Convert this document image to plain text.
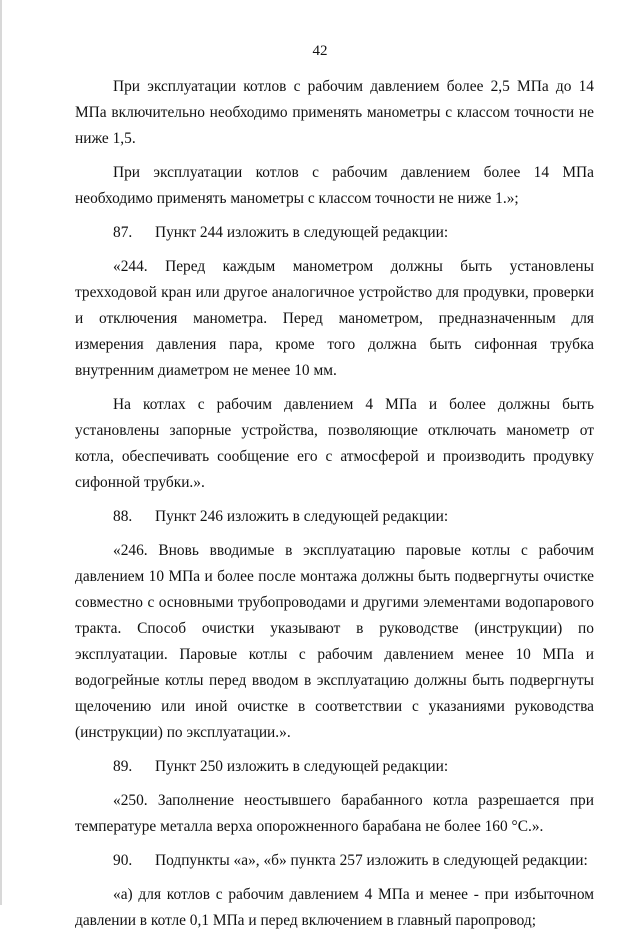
42

При эксплуатации котлов с рабочим давлением более 2,5 МПа до 14 МПа включительно необходимо применять манометры с классом точности не ниже 1,5.

При эксплуатации котлов с рабочим давлением более 14 МПа необходимо применять манометры с классом точности не ниже 1.»;

87. Пункт 244 изложить в следующей редакции:

«244. Перед каждым манометром должны быть установлены трехходовой кран или другое аналогичное устройство для продувки, проверки и отключения манометра. Перед манометром, предназначенным для измерения давления пара, кроме того должна быть сифонная трубка внутренним диаметром не менее 10 мм.

На котлах с рабочим давлением 4 МПа и более должны быть установлены запорные устройства, позволяющие отключать манометр от котла, обеспечивать сообщение его с атмосферой и производить продувку сифонной трубки.».

88. Пункт 246 изложить в следующей редакции:

«246. Вновь вводимые в эксплуатацию паровые котлы с рабочим давлением 10 МПа и более после монтажа должны быть подвергнуты очистке совместно с основными трубопроводами и другими элементами водопарового тракта. Способ очистки указывают в руководстве (инструкции) по эксплуатации. Паровые котлы с рабочим давлением менее 10 МПа и водогрейные котлы перед вводом в эксплуатацию должны быть подвергнуты щелочению или иной очистке в соответствии с указаниями руководства (инструкции) по эксплуатации.».

89. Пункт 250 изложить в следующей редакции:

«250. Заполнение неостывшего барабанного котла разрешается при температуре металла верха опорожненного барабана не более 160 °С.».

90. Подпункты «а», «б» пункта 257 изложить в следующей редакции:

«а) для котлов с рабочим давлением 4 МПа и менее - при избыточном давлении в котле 0,1 МПа и перед включением в главный паропровод;
